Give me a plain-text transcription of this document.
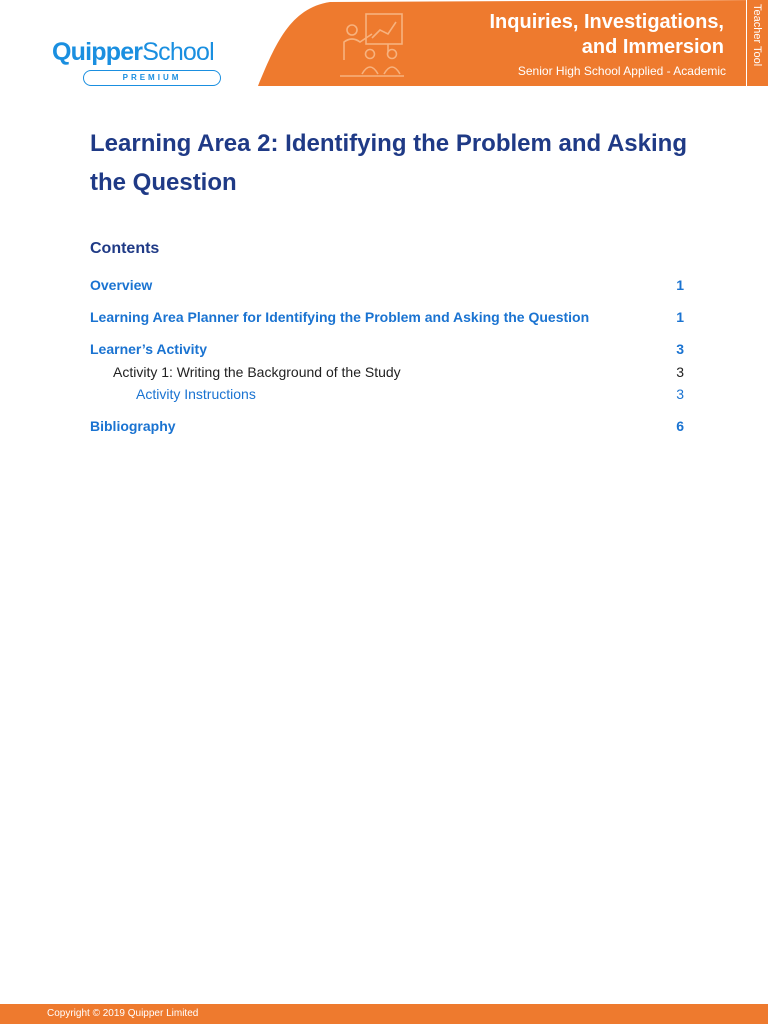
QuipperSchool
PREMIUM
Inquiries, Investigations,
and Immersion
Senior High School Applied - Academic
Teacher Tool
Learning Area 2: Identifying the Problem and Asking the Question
Contents
Overview	1
Learning Area Planner for Identifying the Problem and Asking the Question	1
Learner’s Activity	3
Activity 1: Writing the Background of the Study	3
Activity Instructions	3
Bibliography	6
Copyright © 2019 Quipper Limited
